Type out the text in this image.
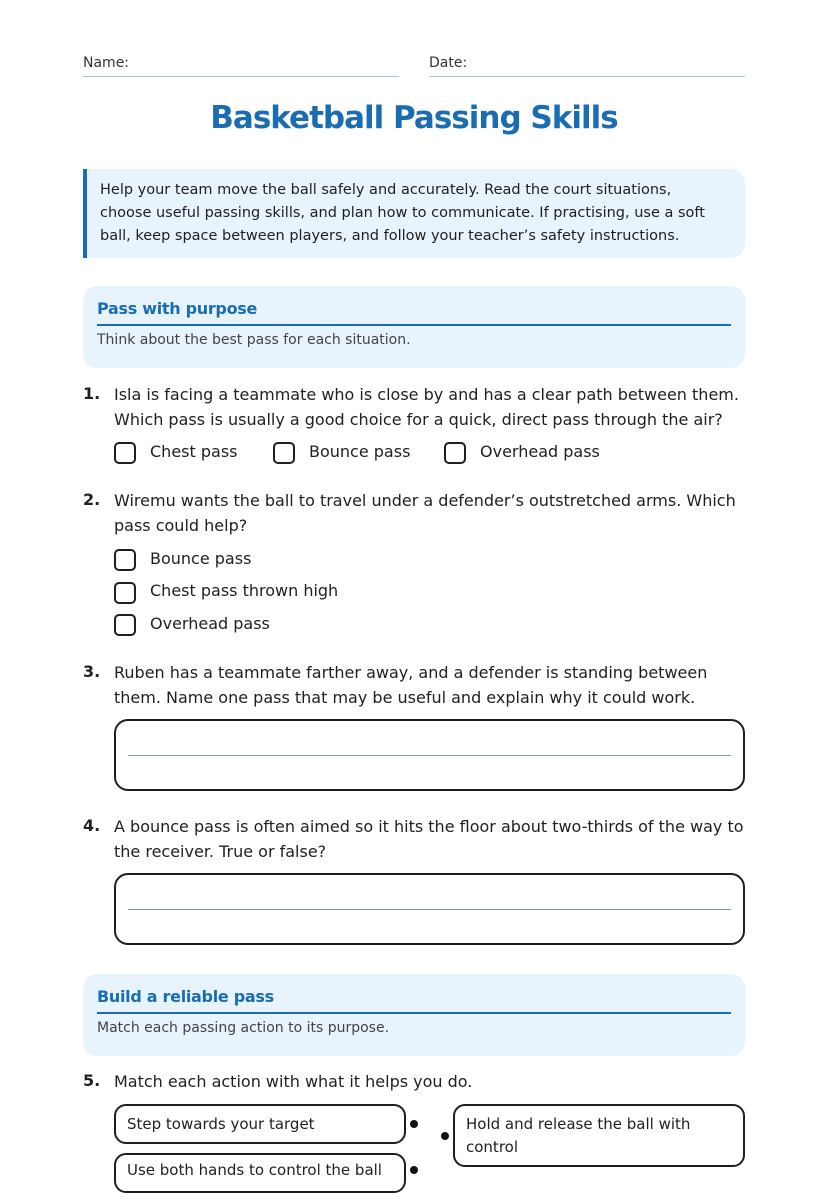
Name:	Date:
Basketball Passing Skills
Help your team move the ball safely and accurately. Read the court situations, choose useful passing skills, and plan how to communicate. If practising, use a soft ball, keep space between players, and follow your teacher’s safety instructions.
Pass with purpose

Think about the best pass for each situation.

1. Isla is facing a teammate who is close by and has a clear path between them. Which pass is usually a good choice for a quick, direct pass through the air?
Chest pass	Bounce pass	Overhead pass
2. Wiremu wants the ball to travel under a defender’s outstretched arms. Which pass could help?
Bounce pass
Chest pass thrown high
Overhead pass
3. Ruben has a teammate farther away, and a defender is standing between them. Name one pass that may be useful and explain why it could work.
4. A bounce pass is often aimed so it hits the floor about two-thirds of the way to the receiver. True or false?
Build a reliable pass

Match each passing action to its purpose.

5. Match each action with what it helps you do.
Step towards your target	Hold and release the ball with control
Use both hands to control the ball
